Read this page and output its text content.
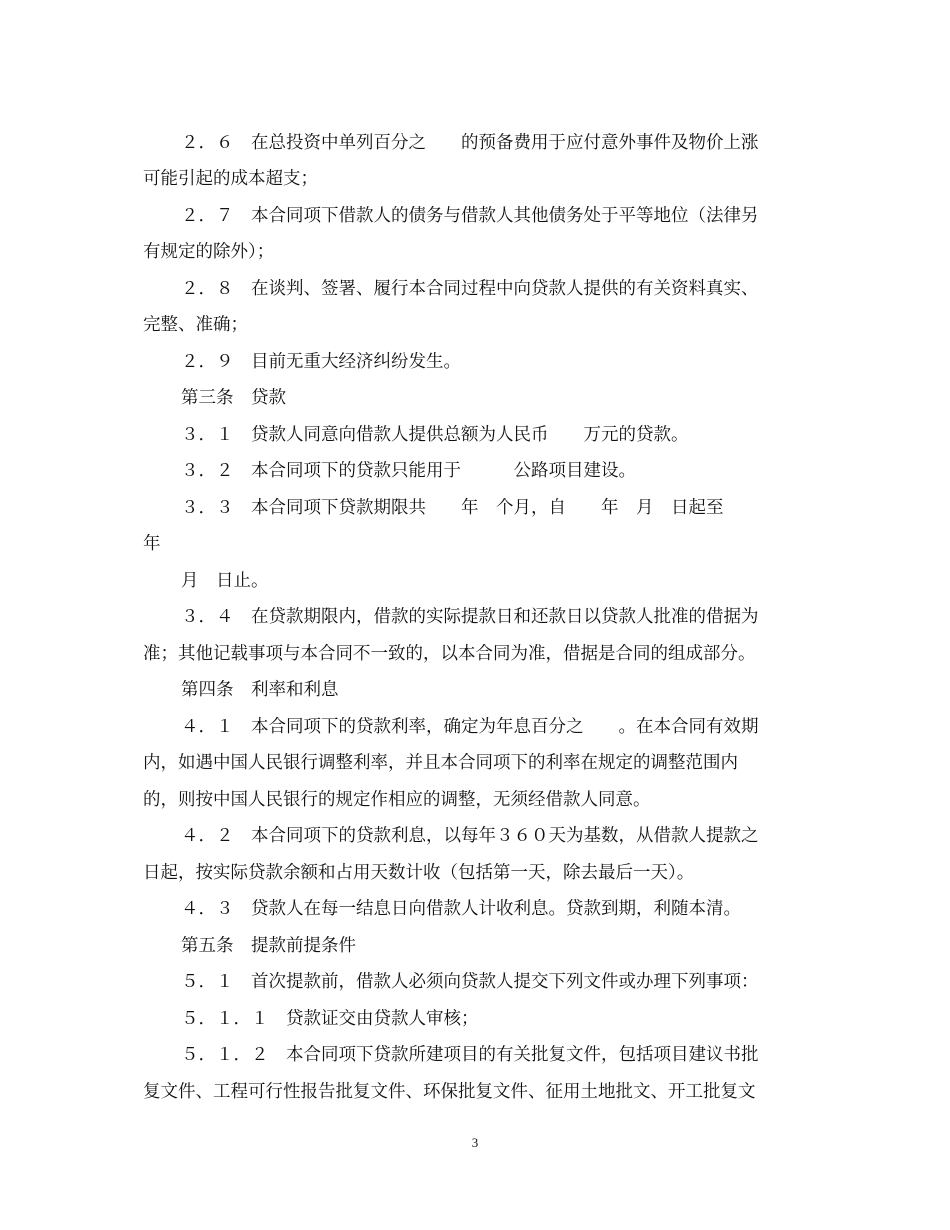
２．６　在总投资中单列百分之　　的预备费用于应付意外事件及物价上涨
可能引起的成本超支；
２．７　本合同项下借款人的债务与借款人其他债务处于平等地位（法律另
有规定的除外）；
２．８　在谈判、签署、履行本合同过程中向贷款人提供的有关资料真实、
完整、准确；
２．９　目前无重大经济纠纷发生。
第三条　贷款
３．１　贷款人同意向借款人提供总额为人民币　　万元的贷款。
３．２　本合同项下的贷款只能用于　　　公路项目建设。
３．３　本合同项下贷款期限共　　年　个月，自　　年　月　日起至
年
月　日止。
３．４　在贷款期限内，借款的实际提款日和还款日以贷款人批准的借据为
准；其他记载事项与本合同不一致的，以本合同为准，借据是合同的组成部分。
第四条　利率和利息
４．１　本合同项下的贷款利率，确定为年息百分之　　。在本合同有效期
内，如遇中国人民银行调整利率，并且本合同项下的利率在规定的调整范围内
的，则按中国人民银行的规定作相应的调整，无须经借款人同意。
４．２　本合同项下的贷款利息，以每年３６０天为基数，从借款人提款之
日起，按实际贷款余额和占用天数计收（包括第一天，除去最后一天）。
４．３　贷款人在每一结息日向借款人计收利息。贷款到期，利随本清。
第五条　提款前提条件
５．１　首次提款前，借款人必须向贷款人提交下列文件或办理下列事项：
５．１．１　贷款证交由贷款人审核；
５．１．２　本合同项下贷款所建项目的有关批复文件，包括项目建议书批
复文件、工程可行性报告批复文件、环保批复文件、征用土地批文、开工批复文
3
